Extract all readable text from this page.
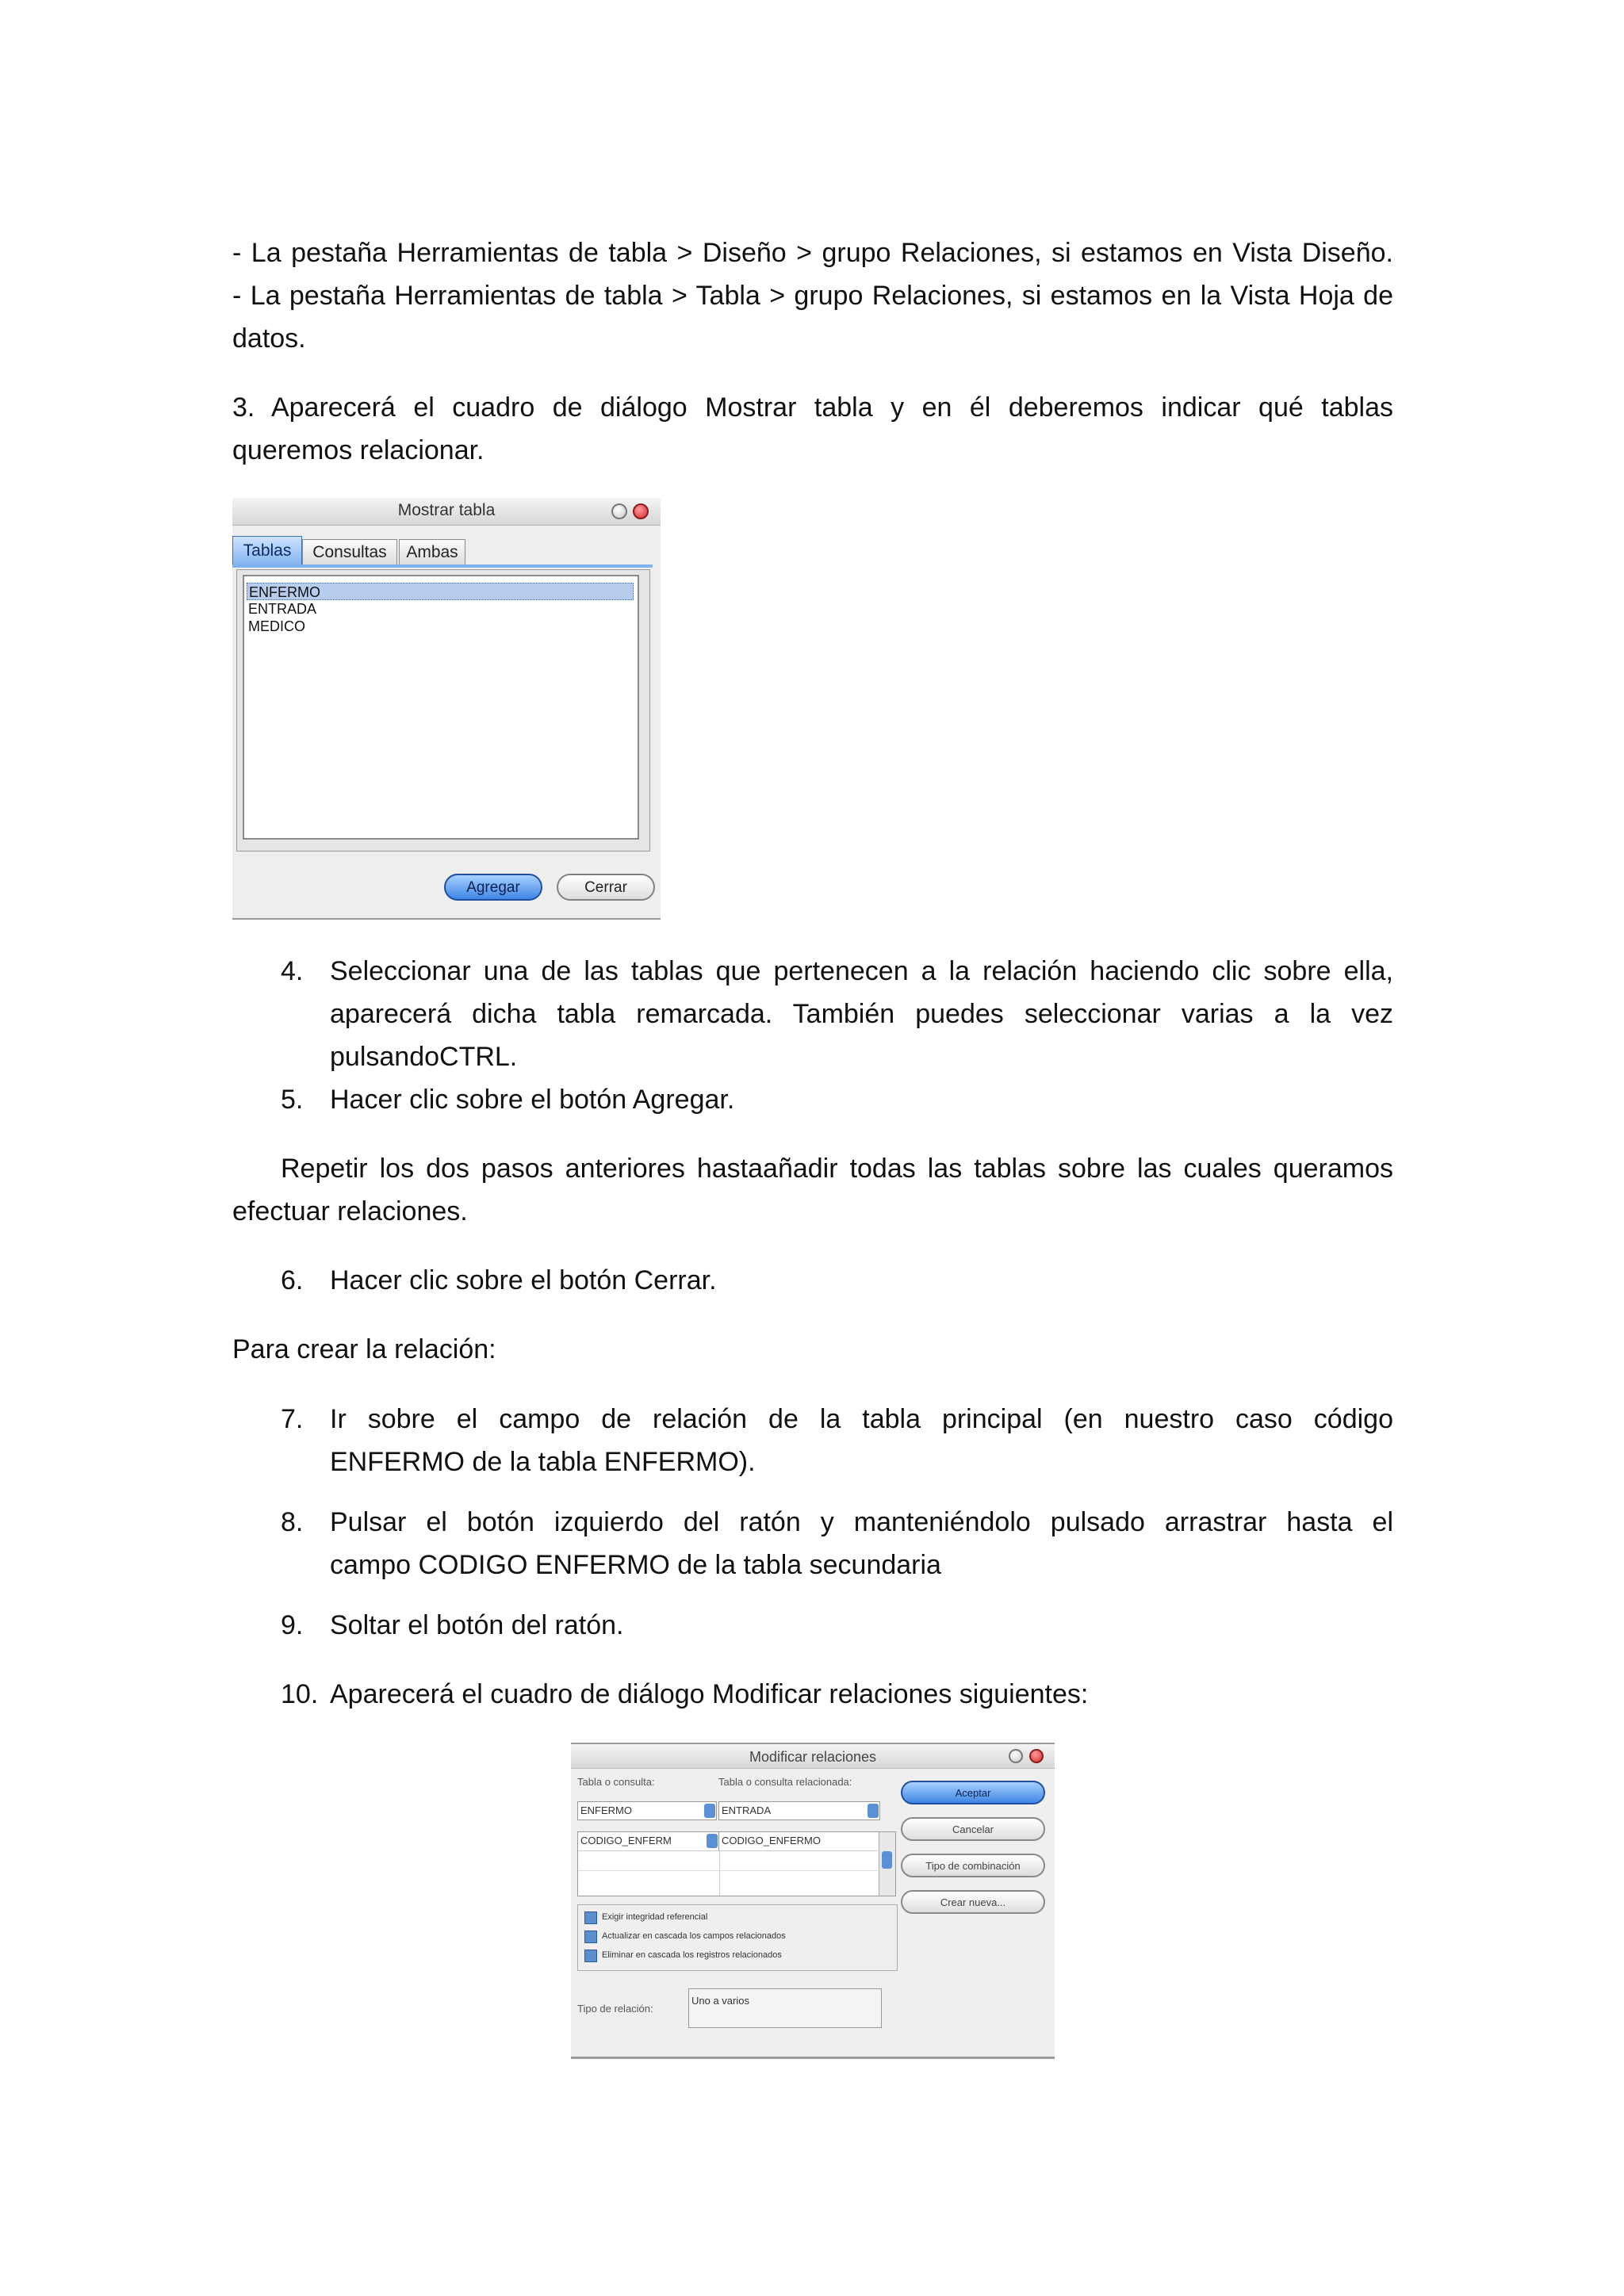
- La pestaña Herramientas de tabla > Diseño > grupo Relaciones, si estamos en Vista Diseño.
- La pestaña Herramientas de tabla > Tabla > grupo Relaciones, si estamos en la Vista Hoja de
datos.
3. Aparecerá el cuadro de diálogo Mostrar tabla y en él deberemos indicar qué tablas
queremos relacionar.
Mostrar tabla
Tablas	Consultas	Ambas
ENFERMO
ENTRADA
MEDICO
Agregar	Cerrar
4. Seleccionar una de las tablas que pertenecen a la relación haciendo clic sobre ella,
aparecerá dicha tabla remarcada. También puedes seleccionar varias a la vez
pulsandoCTRL.
5. Hacer clic sobre el botón Agregar.
Repetir los dos pasos anteriores hastaañadir todas las tablas sobre las cuales queramos
efectuar relaciones.
6. Hacer clic sobre el botón Cerrar.
Para crear la relación:
7. Ir sobre el campo de relación de la tabla principal (en nuestro caso código
ENFERMO de la tabla ENFERMO).
8. Pulsar el botón izquierdo del ratón y manteniéndolo pulsado arrastrar hasta el
campo CODIGO ENFERMO de la tabla secundaria
9. Soltar el botón del ratón.
10. Aparecerá el cuadro de diálogo Modificar relaciones siguientes:
Modificar relaciones
Tabla o consulta:	Tabla o consulta relacionada:
ENFERMO	ENTRADA
CODIGO_ENFERM	CODIGO_ENFERMO
Aceptar
Cancelar
Tipo de combinación
Crear nueva...
Exigir integridad referencial
Actualizar en cascada los campos relacionados
Eliminar en cascada los registros relacionados
Tipo de relación:
Uno a varios
